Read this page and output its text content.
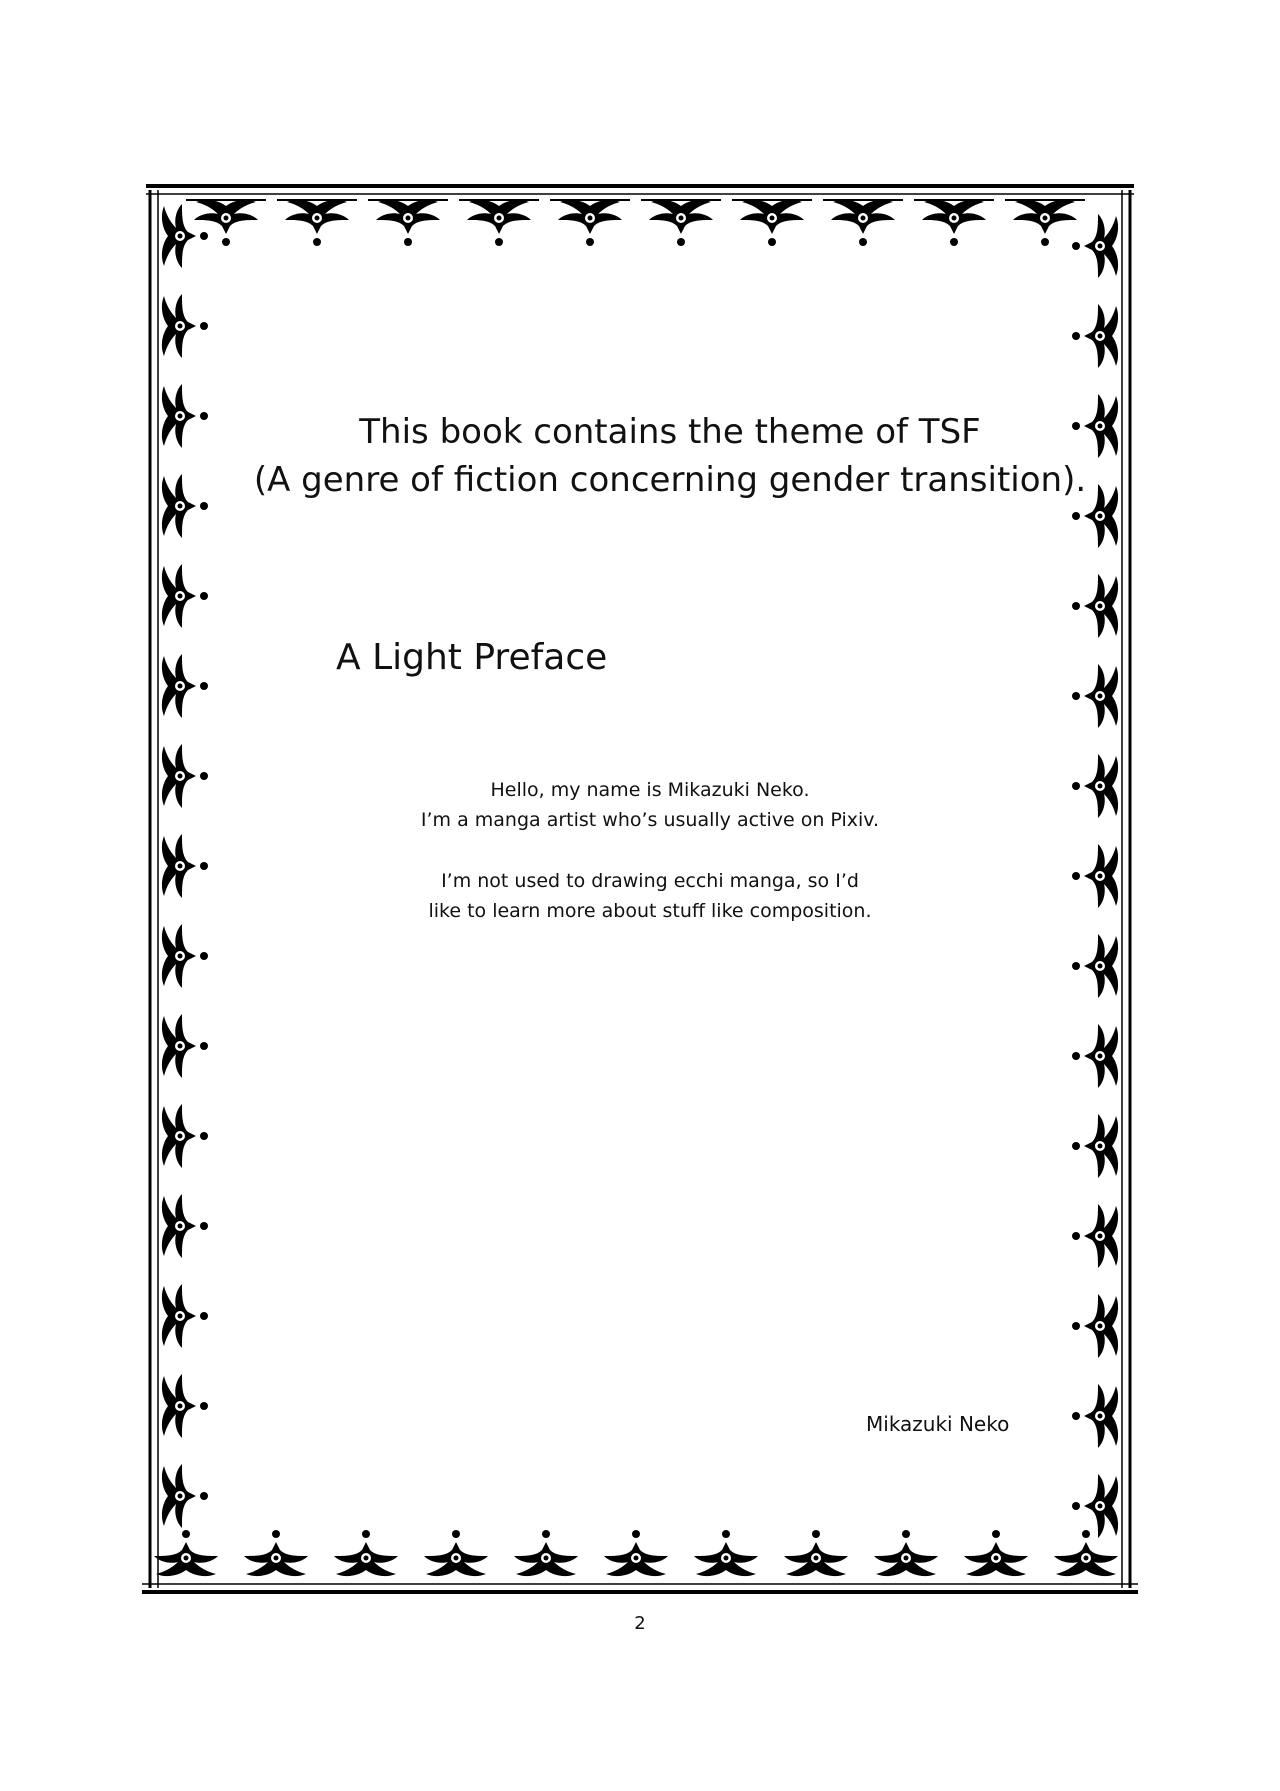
This book contains the theme of TSF
(A genre of fiction concerning gender transition).
A Light Preface
Hello, my name is Mikazuki Neko.
I’m a manga artist who’s usually active on Pixiv.
I’m not used to drawing ecchi manga, so I’d
like to learn more about stuff like composition.
Mikazuki Neko
2
